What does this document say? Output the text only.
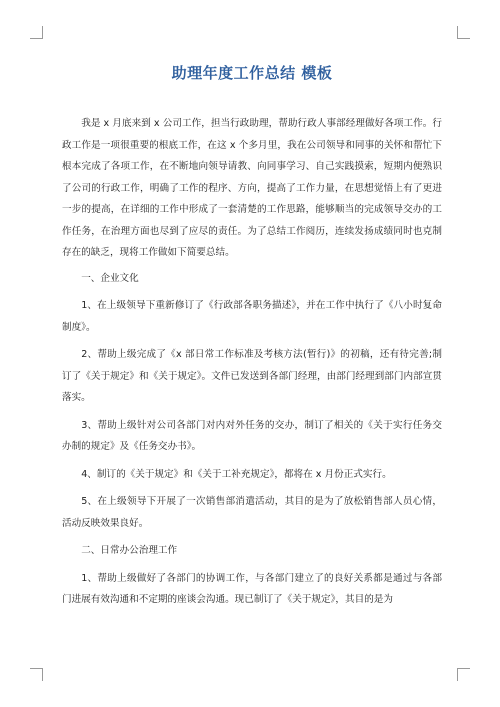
助理年度工作总结 模板

我是 x 月底来到 x 公司工作，担当行政助理，帮助行政人事部经理做好各项工作。行政工作是一项很重要的根底工作，在这 x 个多月里，我在公司领导和同事的关怀和帮忙下根本完成了各项工作，在不断地向领导请教、向同事学习、自己实践摸索，短期内便熟识了公司的行政工作，明确了工作的程序、方向，提高了工作力量，在思想觉悟上有了更进一步的提高，在详细的工作中形成了一套清楚的工作思路，能够顺当的完成领导交办的工作任务，在治理方面也尽到了应尽的责任。为了总结工作阅历，连续发扬成绩同时也克制存在的缺乏，现将工作做如下简要总结。

一、企业文化

1、在上级领导下重新修订了《行政部各职务描述》，并在工作中执行了《八小时复命制度》。

2、帮助上级完成了《x 部日常工作标准及考核方法(暂行)》的初稿，还有待完善;制订了《关于规定》和《关于规定》。文件已发送到各部门经理，由部门经理到部门内部宣贯落实。

3、帮助上级针对公司各部门对内对外任务的交办，制订了相关的《关于实行任务交办制的规定》及《任务交办书》。

4、制订的《关于规定》和《关于工补充规定》，都将在 x 月份正式实行。

5、在上级领导下开展了一次销售部消遣活动，其目的是为了放松销售部人员心情，活动反映效果良好。

二、日常办公治理工作

1、帮助上级做好了各部门的协调工作，与各部门建立了的良好关系都是通过与各部门进展有效沟通和不定期的座谈会沟通。现已制订了《关于规定》，其目的是为
